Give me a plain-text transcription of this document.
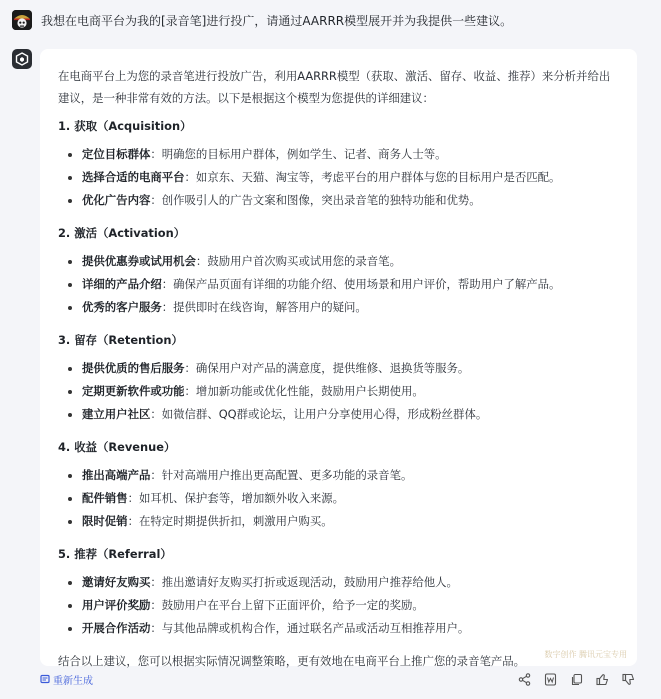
我想在电商平台为我的[录音笔]进行投广，请通过AARRR模型展开并为我提供一些建议。

在电商平台上为您的录音笔进行投放广告，利用AARRR模型（获取、激活、留存、收益、推荐）来分析并给出建议，是一种非常有效的方法。以下是根据这个模型为您提供的详细建议：

1. 获取（Acquisition）

定位目标群体：明确您的目标用户群体，例如学生、记者、商务人士等。
选择合适的电商平台：如京东、天猫、淘宝等，考虑平台的用户群体与您的目标用户是否匹配。
优化广告内容：创作吸引人的广告文案和图像，突出录音笔的独特功能和优势。

2. 激活（Activation）

提供优惠券或试用机会：鼓励用户首次购买或试用您的录音笔。
详细的产品介绍：确保产品页面有详细的功能介绍、使用场景和用户评价，帮助用户了解产品。
优秀的客户服务：提供即时在线咨询，解答用户的疑问。

3. 留存（Retention）

提供优质的售后服务：确保用户对产品的满意度，提供维修、退换货等服务。
定期更新软件或功能：增加新功能或优化性能，鼓励用户长期使用。
建立用户社区：如微信群、QQ群或论坛，让用户分享使用心得，形成粉丝群体。

4. 收益（Revenue）

推出高端产品：针对高端用户推出更高配置、更多功能的录音笔。
配件销售：如耳机、保护套等，增加额外收入来源。
限时促销：在特定时期提供折扣，刺激用户购买。

5. 推荐（Referral）

邀请好友购买：推出邀请好友购买打折或返现活动，鼓励用户推荐给他人。
用户评价奖励：鼓励用户在平台上留下正面评价，给予一定的奖励。
开展合作活动：与其他品牌或机构合作，通过联名产品或活动互相推荐用户。

结合以上建议，您可以根据实际情况调整策略，更有效地在电商平台上推广您的录音笔产品。	数字创作 腾讯元宝专用
重新生成
